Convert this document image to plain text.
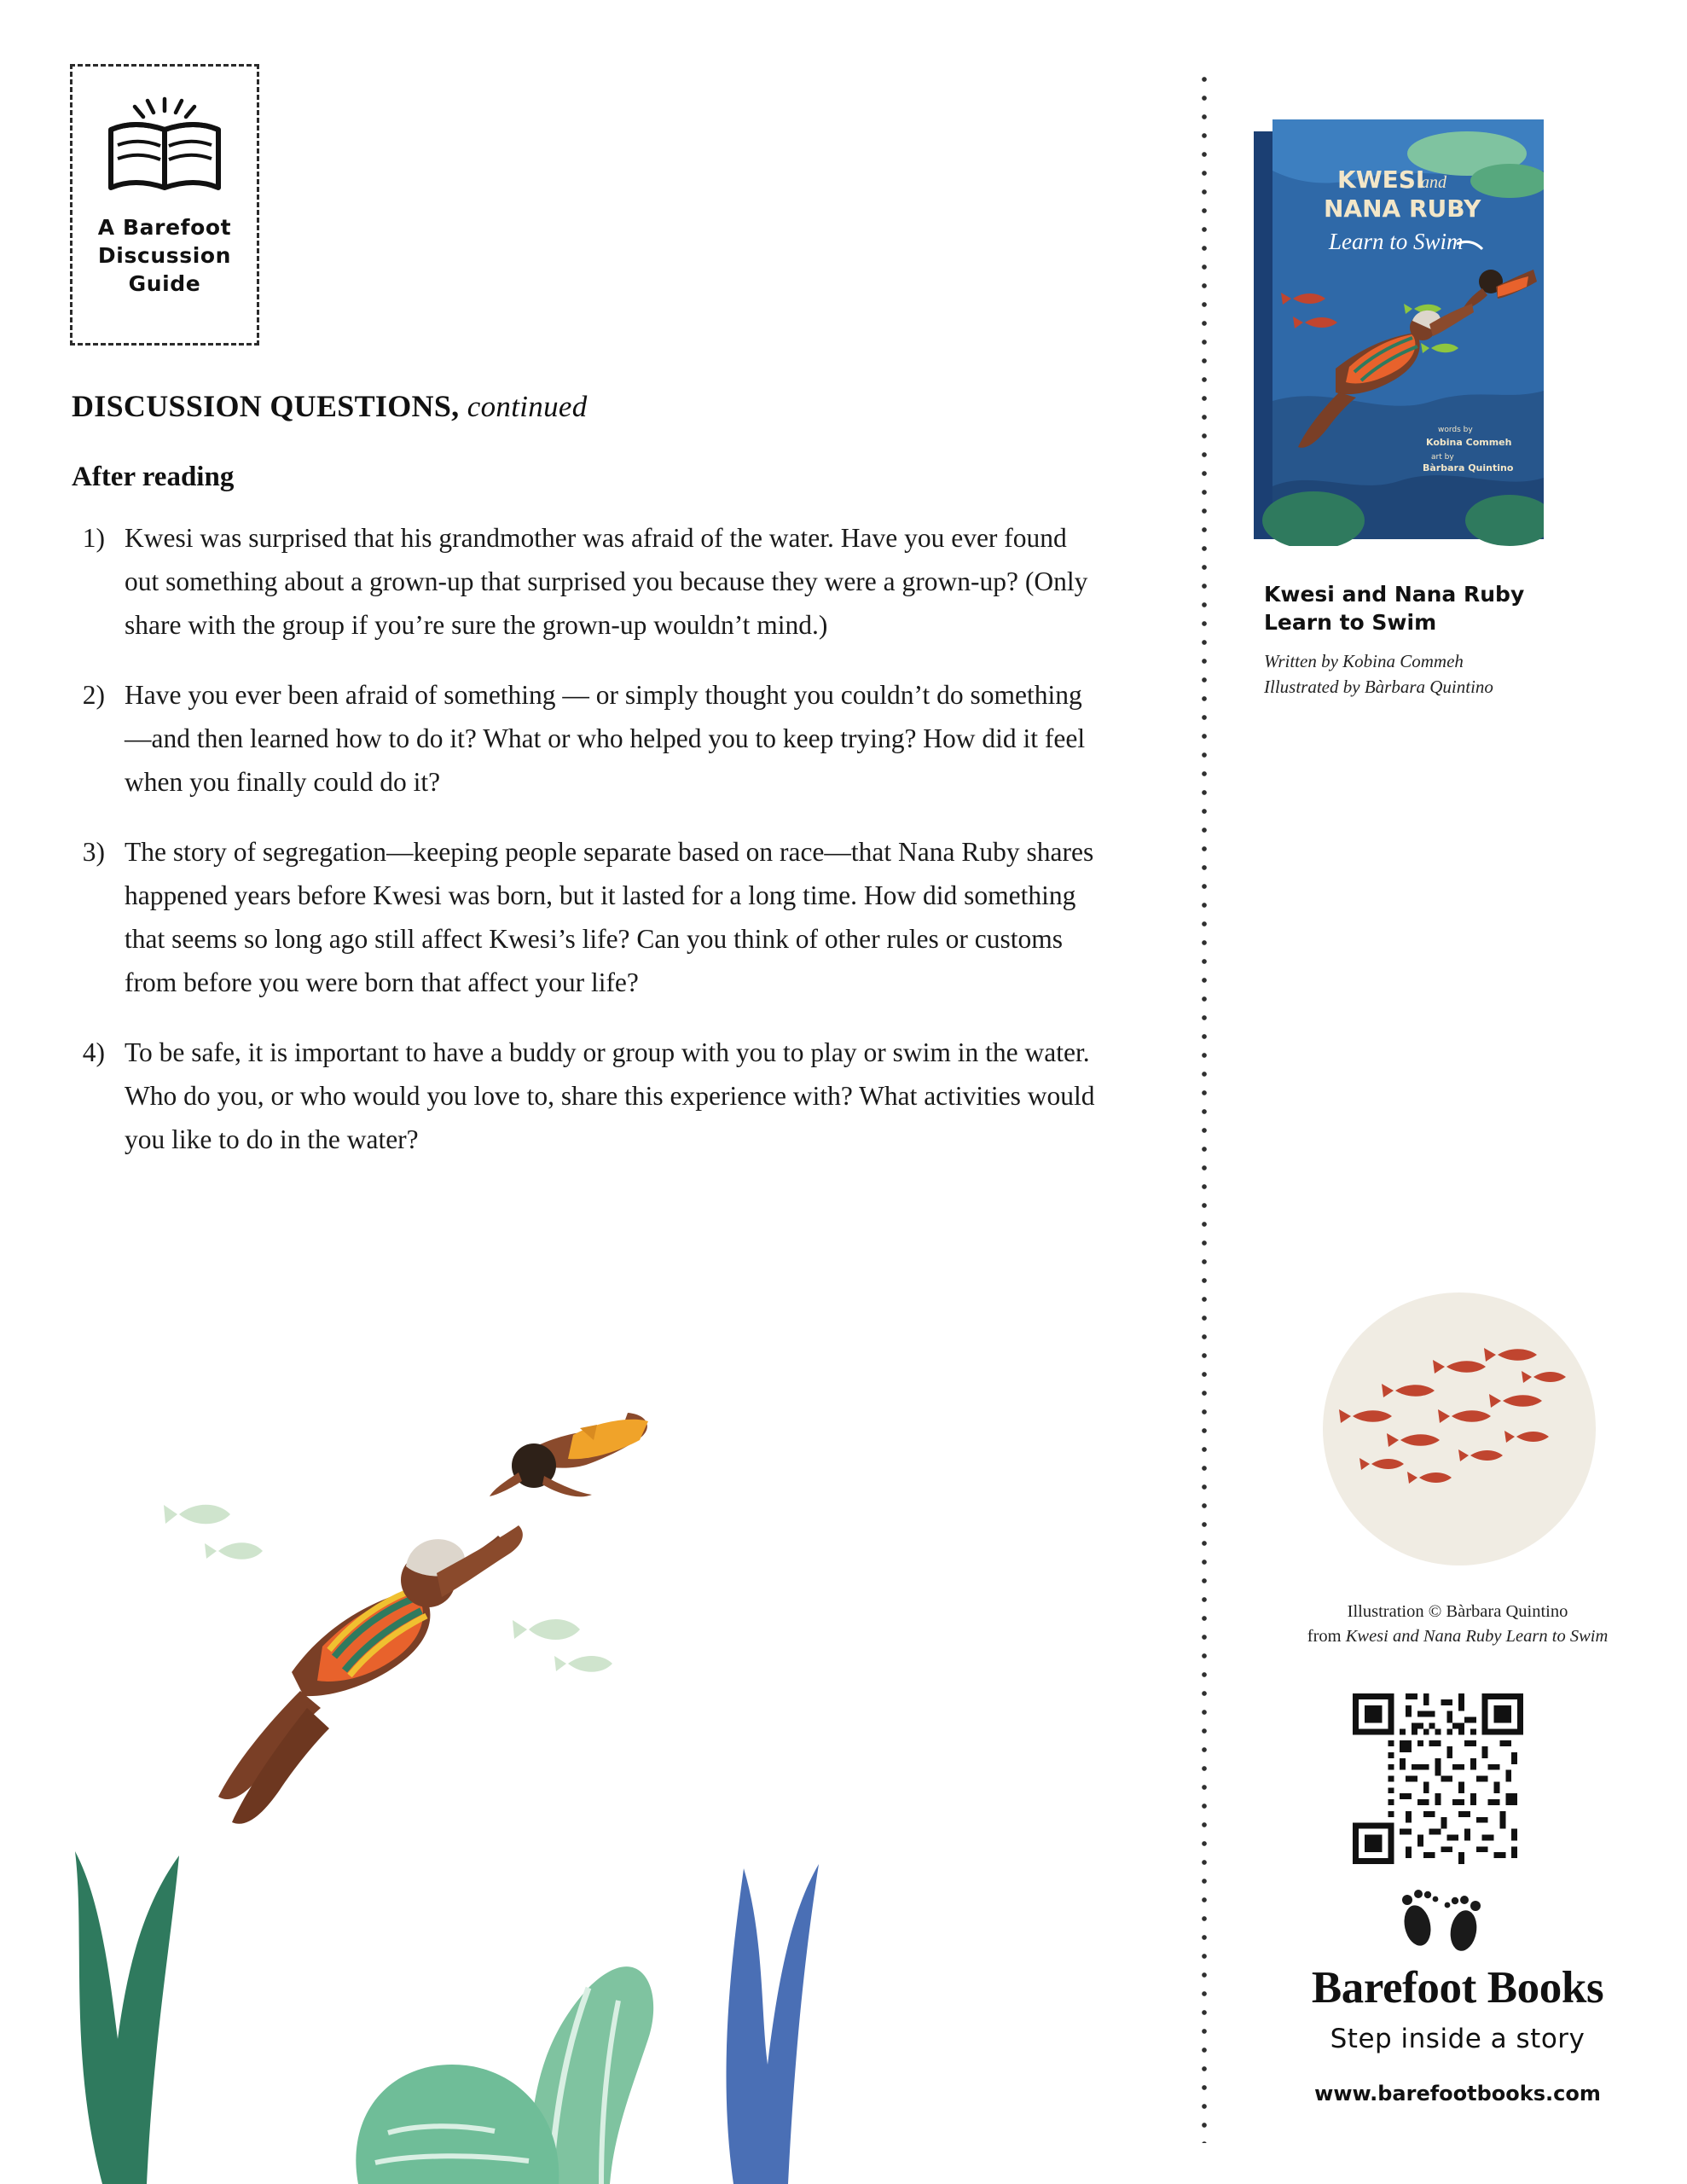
A Barefoot
Discussion
Guide
DISCUSSION QUESTIONS, continued
After reading
1) Kwesi was surprised that his grandmother was afraid of the water. Have you ever found out something about a grown-up that surprised you because they were a grown-up? (Only share with the group if you’re sure the grown-up wouldn’t mind.)
2) Have you ever been afraid of something — or simply thought you couldn’t do something—and then learned how to do it? What or who helped you to keep trying? How did it feel when you finally could do it?
3) The story of segregation—keeping people separate based on race—that Nana Ruby shares happened years before Kwesi was born, but it lasted for a long time. How did something that seems so long ago still affect Kwesi’s life? Can you think of other rules or customs from before you were born that affect your life?
4) To be safe, it is important to have a buddy or group with you to play or swim in the water. Who do you, or who would you love to, share this experience with? What activities would you like to do in the water?
KWESI
and
NANA RUBY
Learn to Swim
words by
Kobina Commeh
art by
Bàrbara Quintino
Kwesi and Nana Ruby
Learn to Swim
Written by Kobina Commeh
Illustrated by Bàrbara Quintino
Illustration © Bàrbara Quintino
from Kwesi and Nana Ruby Learn to Swim
Barefoot Books
Step inside a story
www.barefootbooks.com
